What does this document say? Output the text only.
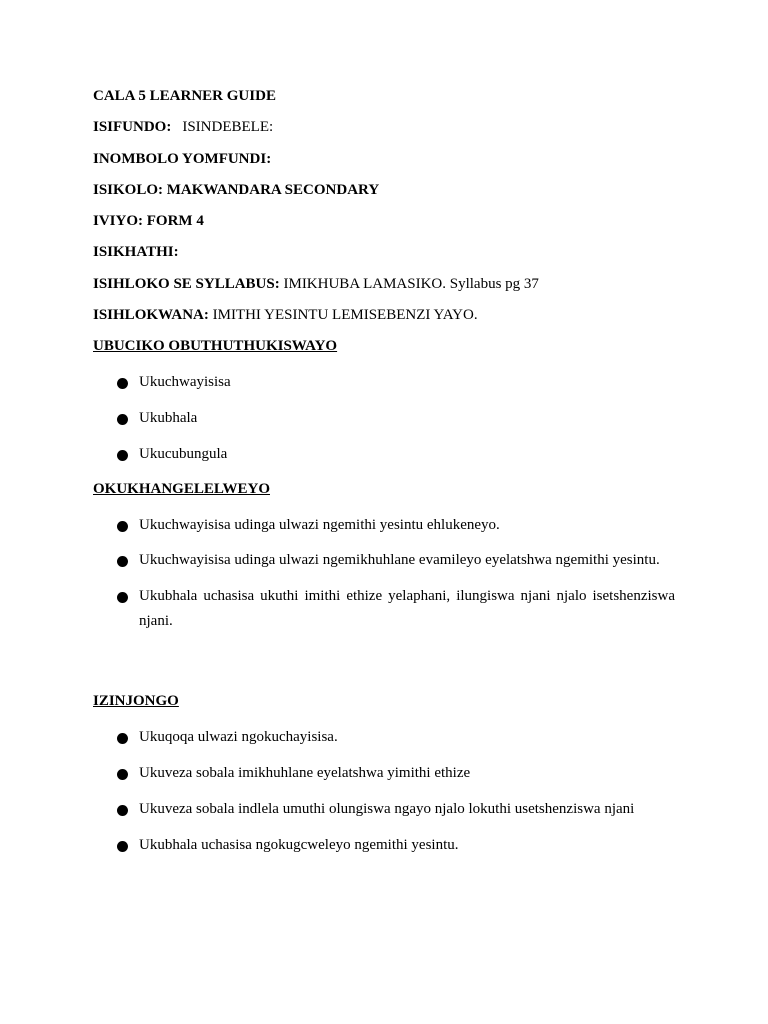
CALA 5 LEARNER GUIDE
ISIFUNDO: ISINDEBELE:
INOMBOLO YOMFUNDI:
ISIKOLO: MAKWANDARA SECONDARY
IVIYO: FORM 4
ISIKHATHI:
ISIHLOKO SE SYLLABUS: IMIKHUBA LAMASIKO. Syllabus pg 37
ISIHLOKWANA: IMITHI YESINTU LEMISEBENZI YAYO.
UBUCIKO OBUTHUTHUKISWAYO
Ukuchwayisisa
Ukubhala
Ukucubungula
OKUKHANGELELWEYO
Ukuchwayisisa udinga ulwazi ngemithi yesintu ehlukeneyo.
Ukuchwayisisa udinga ulwazi ngemikhuhlane evamileyo eyelatshwa ngemithi yesintu.
Ukubhala uchasisa ukuthi imithi ethize yelaphani, ilungiswa njani njalo isetshenziswa njani.
IZINJONGO
Ukuqoqa ulwazi ngokuchayisisa.
Ukuveza sobala imikhuhlane eyelatshwa yimithi ethize
Ukuveza sobala indlela umuthi olungiswa ngayo njalo lokuthi usetshenziswa njani
Ukubhala uchasisa ngokugcweleyo ngemithi yesintu.
